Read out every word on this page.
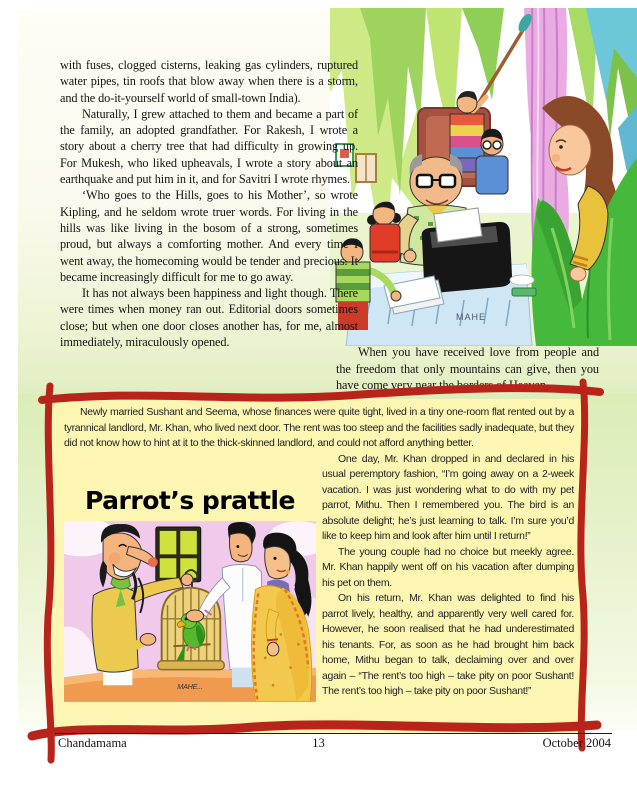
MAHE

with fuses, clogged cisterns, leaking gas cylinders, ruptured water pipes, tin roofs that blow away when there is a storm, and the do-it-yourself world of small-town India).

Naturally, I grew attached to them and became a part of the family, an adopted grandfather. For Rakesh, I wrote a story about a cherry tree that had difficulty in growing up. For Mukesh, who liked upheavals, I wrote a story about an earthquake and put him in it, and for Savitri I wrote rhymes.

‘Who goes to the Hills, goes to his Mother’, so wrote Kipling, and he seldom wrote truer words. For living in the hills was like living in the bosom of a strong, sometimes proud, but always a comforting mother. And every time I went away, the homecoming would be tender and precious. It became increasingly difficult for me to go away.

It has not always been happiness and light though. There were times when money ran out. Editorial doors sometimes close; but when one door closes another has, for me, almost immediately, miraculously opened.

When you have received love from people and the freedom that only mountains can give, then you have come very near the borders of Heaven.

Newly married Sushant and Seema, whose finances were quite tight, lived in a tiny one-room flat rented out by a tyrannical landlord, Mr. Khan, who lived next door. The rent was too steep and the facilities sadly inadequate, but they did not know how to hint at it to the thick-skinned landlord, and could not afford anything better.

Parrot’s prattle
MAHE...

One day, Mr. Khan dropped in and declared in his usual peremptory fashion, “I’m going away on a 2-week vacation. I was just wondering what to do with my pet parrot, Mithu. Then I remembered you. The bird is an absolute delight; he’s just learning to talk. I’m sure you’d like to keep him and look after him until I return!”

The young couple had no choice but meekly agree. Mr. Khan happily went off on his vacation after dumping his pet on them.

On his return, Mr. Khan was delighted to find his parrot lively, healthy, and apparently very well cared for. However, he soon realised that he had underestimated his tenants. For, as soon as he had brought him back home, Mithu began to talk, declaiming over and over again – “The rent’s too high – take pity on poor Sushant! The rent’s too high – take pity on poor Sushant!”

Chandamama	13	October 2004
